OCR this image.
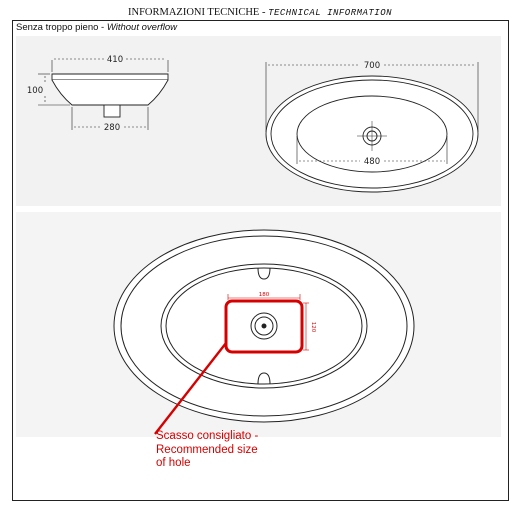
INFORMAZIONI TECNICHE - TECHNICAL INFORMATION
Senza troppo pieno - Without overflow
410
100
280
700
480
180
120
Scasso consigliato -
Recommended size
of hole
